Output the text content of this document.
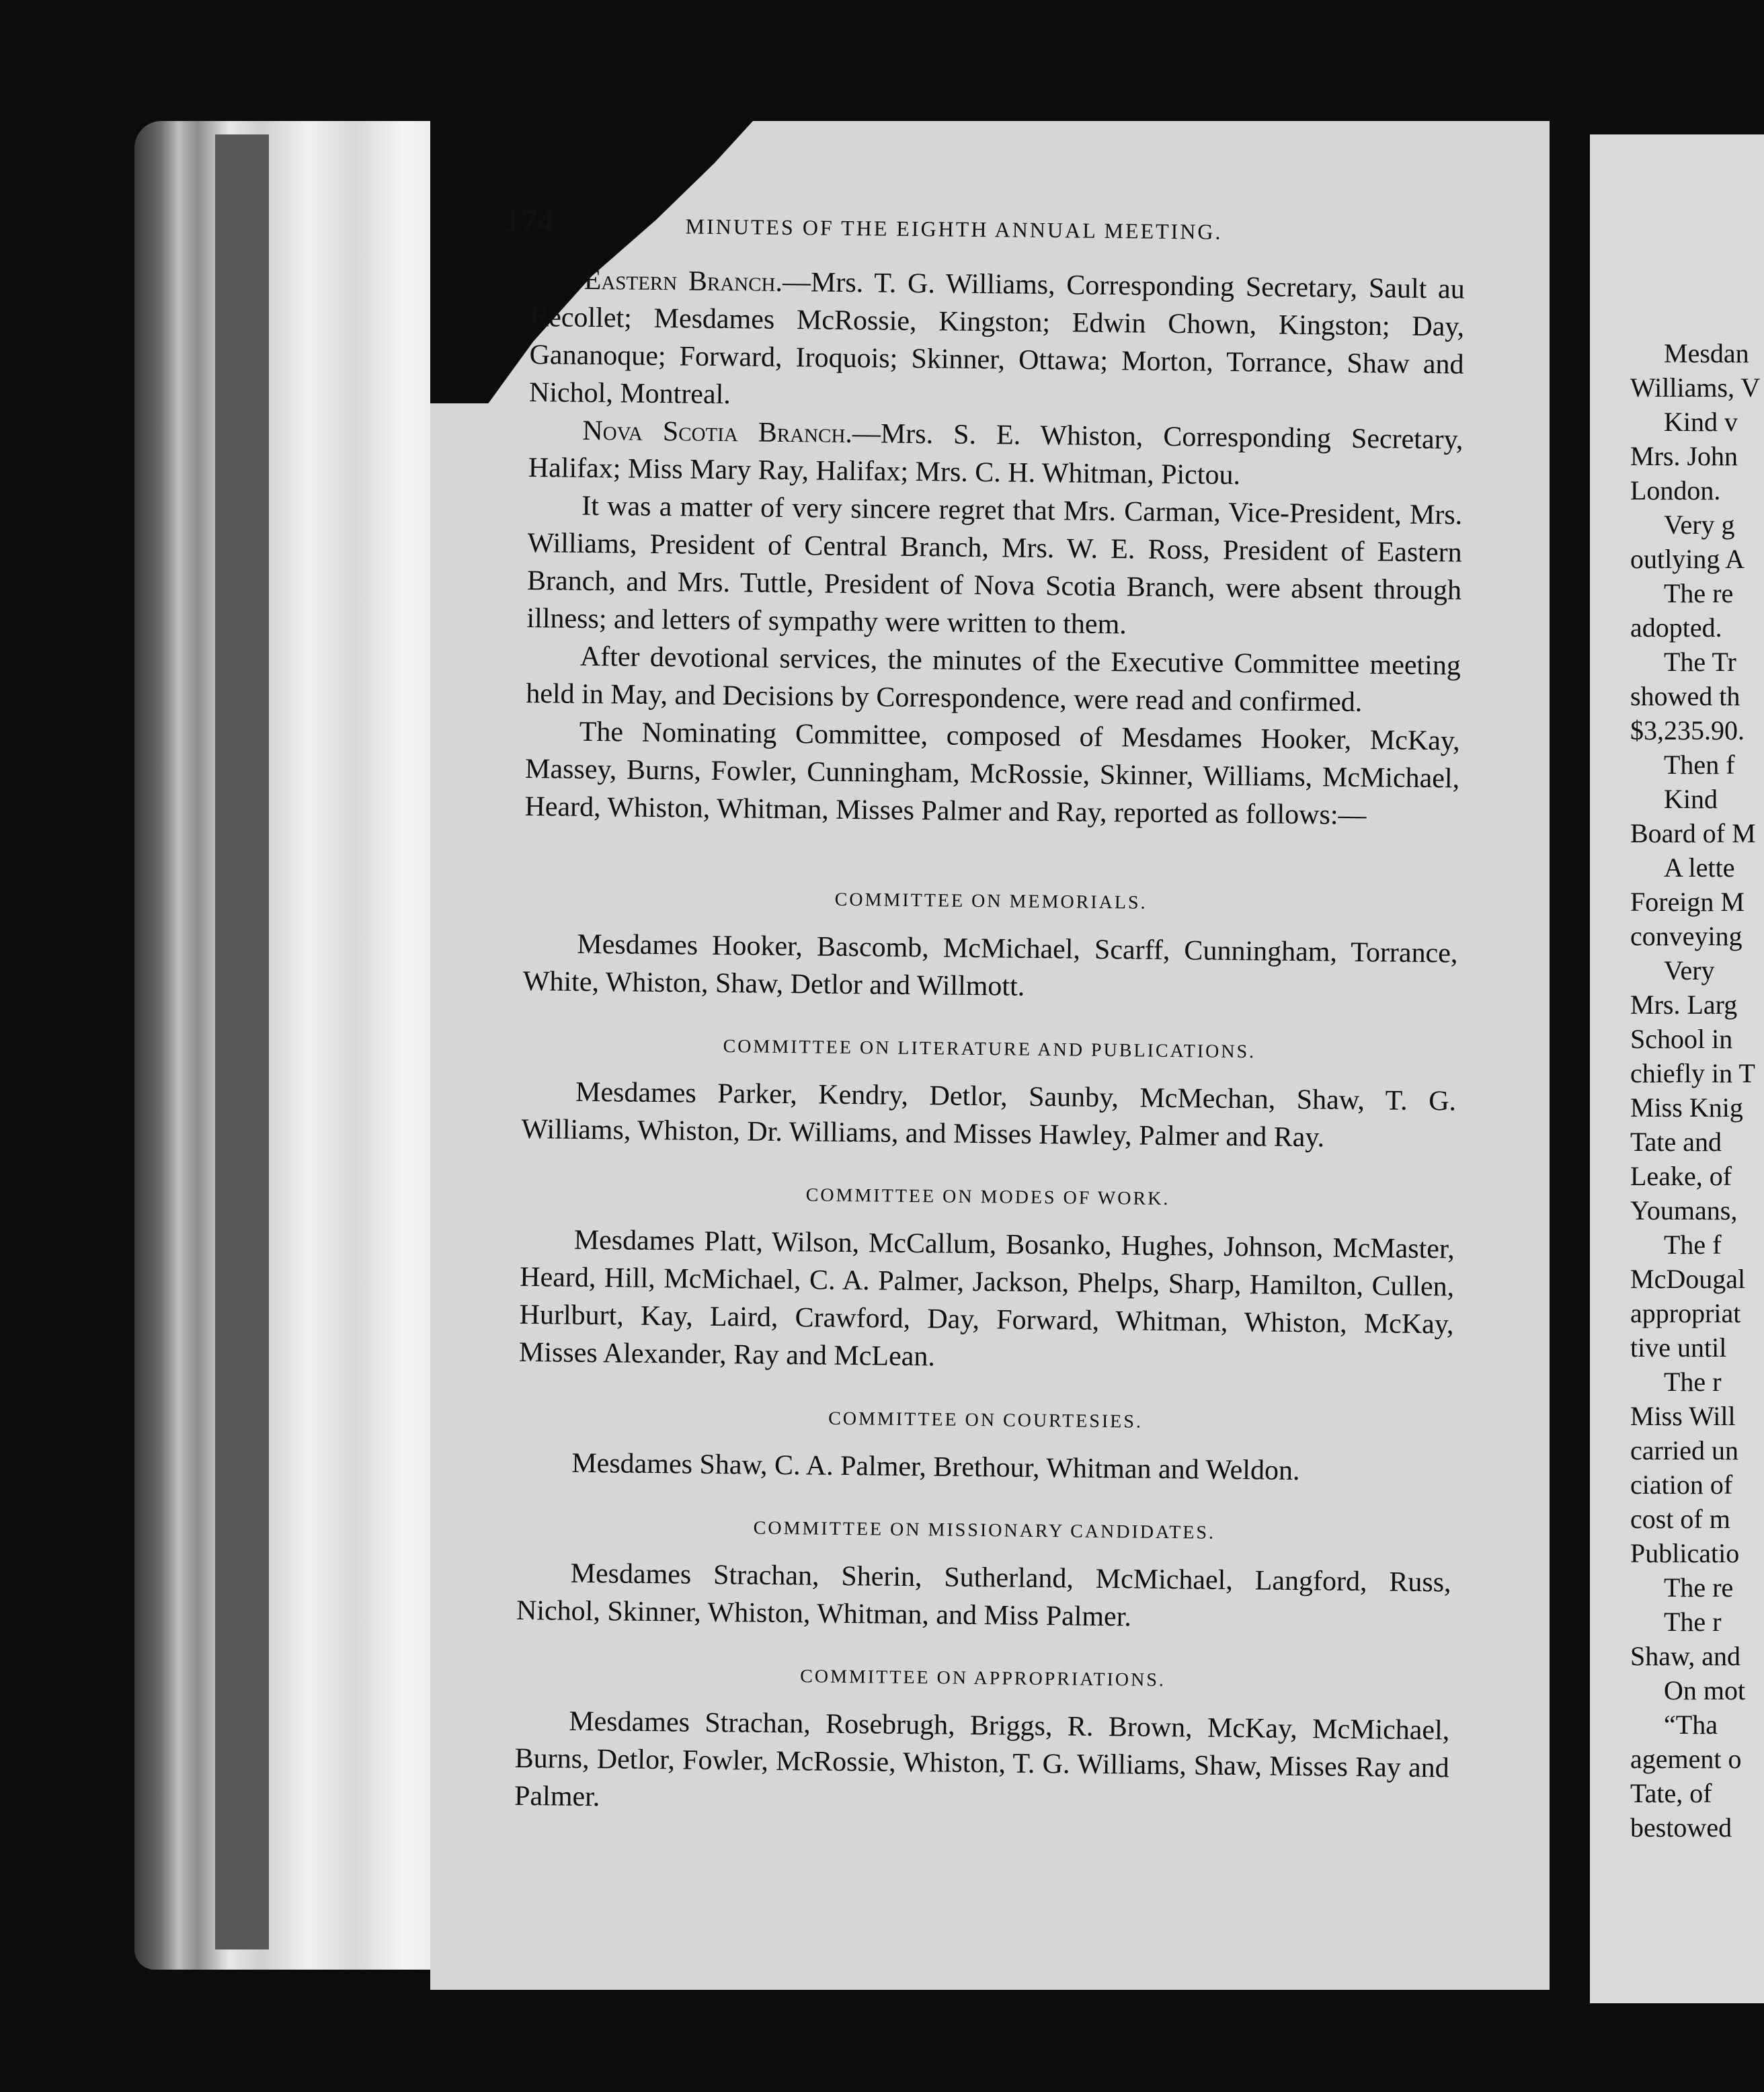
Mesdan
Williams, V
Kind v
Mrs. John
London.
Very g
outlying A
The re
adopted.
The Tr
showed th
$3,235.90.
Then f
Kind
Board of M
A lette
Foreign M
conveying
Very
Mrs. Larg
School in
chiefly in T
Miss Knig
Tate and
Leake, of
Youmans,
The f
McDougal
appropriat
tive until
The r
Miss Will
carried un
ciation of
cost of m
Publicatio
The re
The r
Shaw, and
On mot
“Tha
agement o
Tate, of
bestowed
174	MINUTES OF THE EIGHTH ANNUAL MEETING.

Eastern Branch.—Mrs. T. G. Williams, Corresponding Secretary, Sault au Recollet; Mesdames McRossie, Kingston; Edwin Chown, Kingston; Day, Gananoque; Forward, Iroquois; Skinner, Ottawa; Morton, Torrance, Shaw and Nichol, Montreal.

Nova Scotia Branch.—Mrs. S. E. Whiston, Corresponding Secretary, Halifax; Miss Mary Ray, Halifax; Mrs. C. H. Whitman, Pictou.

It was a matter of very sincere regret that Mrs. Carman, Vice-President, Mrs. Williams, President of Central Branch, Mrs. W. E. Ross, President of Eastern Branch, and Mrs. Tuttle, President of Nova Scotia Branch, were absent through illness; and letters of sympathy were written to them.

After devotional services, the minutes of the Executive Committee meeting held in May, and Decisions by Correspondence, were read and confirmed.

The Nominating Committee, composed of Mesdames Hooker, McKay, Massey, Burns, Fowler, Cunningham, McRossie, Skinner, Williams, McMichael, Heard, Whiston, Whitman, Misses Palmer and Ray, reported as follows:—

COMMITTEE ON MEMORIALS.

Mesdames Hooker, Bascomb, McMichael, Scarff, Cunningham, Torrance, White, Whiston, Shaw, Detlor and Willmott.

COMMITTEE ON LITERATURE AND PUBLICATIONS.

Mesdames Parker, Kendry, Detlor, Saunby, McMechan, Shaw, T. G. Williams, Whiston, Dr. Williams, and Misses Hawley, Palmer and Ray.

COMMITTEE ON MODES OF WORK.

Mesdames Platt, Wilson, McCallum, Bosanko, Hughes, Johnson, McMaster, Heard, Hill, McMichael, C. A. Palmer, Jackson, Phelps, Sharp, Hamilton, Cullen, Hurlburt, Kay, Laird, Crawford, Day, Forward, Whitman, Whiston, McKay, Misses Alexander, Ray and McLean.

COMMITTEE ON COURTESIES.

Mesdames Shaw, C. A. Palmer, Brethour, Whitman and Weldon.

COMMITTEE ON MISSIONARY CANDIDATES.

Mesdames Strachan, Sherin, Sutherland, McMichael, Langford, Russ, Nichol, Skinner, Whiston, Whitman, and Miss Palmer.

COMMITTEE ON APPROPRIATIONS.

Mesdames Strachan, Rosebrugh, Briggs, R. Brown, McKay, McMichael, Burns, Detlor, Fowler, McRossie, Whiston, T. G. Williams, Shaw, Misses Ray and Palmer.
